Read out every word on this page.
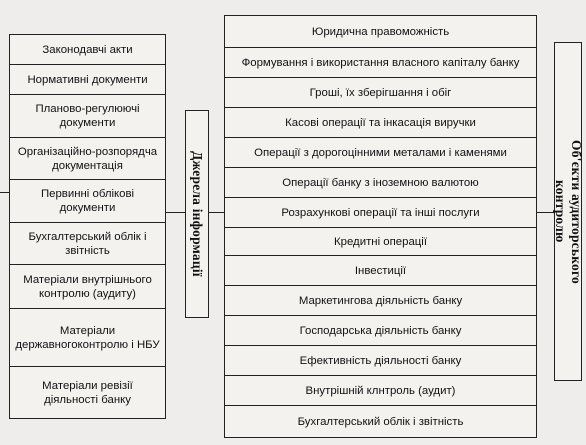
Законодавчі акти
Нормативні документи
Планово-регулюючі документи
Організаційно-розпорядча документація
Первинні облікові документи
Бухгалтерський облік і звітність
Матеріали внутрішнього контролю (аудиту)
Матеріали державногоконтролю і НБУ
Матеріали ревізії діяльності банку
Джерела інформації
Юридична правоможність
Формування і використання власного капіталу банку
Гроші, їх зберігшання і обіг
Касові операції та інкасація виручки
Операції з дорогоцінними металами і каменями
Операції банку з іноземною валютою
Розрахункові операції та інші послуги
Кредитні операції
Інвестиції
Маркетингова діяльність банку
Господарська діяльність банку
Ефективність діяльності банку
Внутрішній клнтроль (аудит)
Бухгалтерський облік і звітність
Об'єкти аудиторського
контролю
